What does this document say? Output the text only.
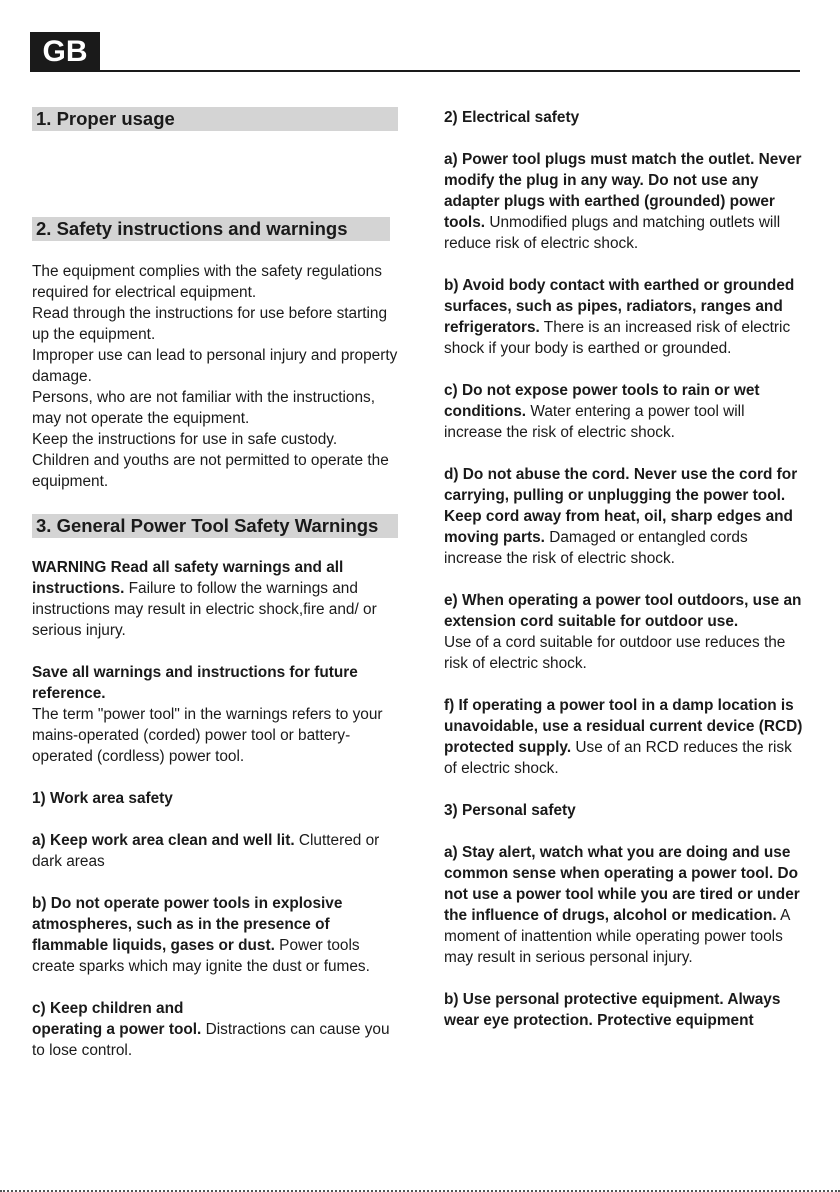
GB
1. Proper usage
2. Safety instructions and warnings

The equipment complies with the safety regulations required for electrical equipment.

Read through the instructions for use before starting up the equipment.

Improper use can lead to personal injury and property damage.

Persons, who are not familiar with the instructions, may not operate the equipment.

Keep the instructions for use in safe custody.

Children and youths are not permitted to operate the equipment.

3. General Power Tool Safety Warnings

WARNING Read all safety warnings and all instructions. Failure to follow the warnings and instructions may result in electric shock,fire and/ or serious injury.

Save all warnings and instructions for future reference.

The term "power tool" in the warnings refers to your mains-operated (corded) power tool or battery-operated (cordless) power tool.

1) Work area safety

a) Keep work area clean and well lit. Cluttered or dark areas

b) Do not operate power tools in explosive atmospheres, such as in the presence of flammable liquids, gases or dust. Power tools create sparks which may ignite the dust or fumes.

c) Keep children and

operating a power tool. Distractions can cause you to lose control.

2) Electrical safety

a) Power tool plugs must match the outlet. Never modify the plug in any way. Do not use any adapter plugs with earthed (grounded) power tools. Unmodified plugs and matching outlets will reduce risk of electric shock.

b) Avoid body contact with earthed or grounded surfaces, such as pipes, radiators, ranges and refrigerators. There is an increased risk of electric shock if your body is earthed or grounded.

c) Do not expose power tools to rain or wet conditions. Water entering a power tool will increase the risk of electric shock.

d) Do not abuse the cord. Never use the cord for carrying, pulling or unplugging the power tool. Keep cord away from heat, oil, sharp edges and moving parts. Damaged or entangled cords increase the risk of electric shock.

e) When operating a power tool outdoors, use an extension cord suitable for outdoor use.

Use of a cord suitable for outdoor use reduces the risk of electric shock.

f) If operating a power tool in a damp location is unavoidable, use a residual current device (RCD) protected supply. Use of an RCD reduces the risk of electric shock.

3) Personal safety

a) Stay alert, watch what you are doing and use common sense when operating a power tool. Do not use a power tool while you are tired or under the influence of drugs, alcohol or medication. A moment of inattention while operating power tools may result in serious personal injury.

b) Use personal protective equipment. Always wear eye protection. Protective equipment
